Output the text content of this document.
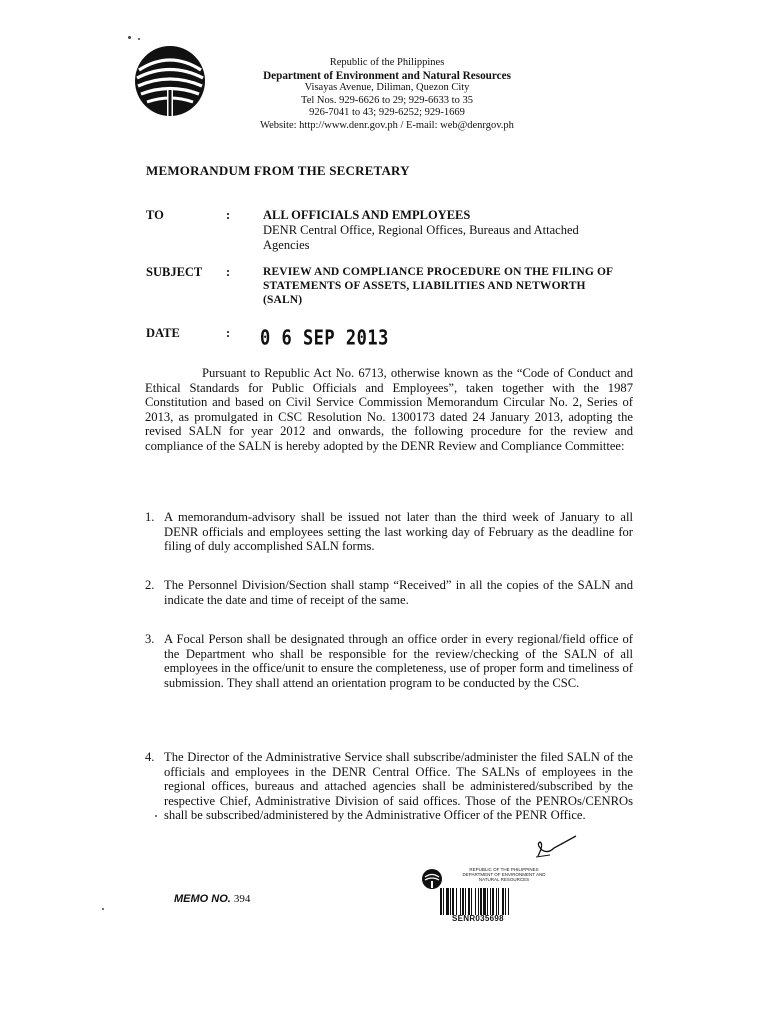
Republic of the Philippines
Department of Environment and Natural Resources
Visayas Avenue, Diliman, Quezon City
Tel Nos. 929-6626 to 29; 929-6633 to 35
926-7041 to 43; 929-6252; 929-1669
Website: http://www.denr.gov.ph / E-mail: web@denrgov.ph
MEMORANDUM FROM THE SECRETARY
TO	:	ALL OFFICIALS AND EMPLOYEES
DENR Central Office, Regional Offices, Bureaus and Attached Agencies
SUBJECT :	REVIEW AND COMPLIANCE PROCEDURE ON THE FILING OF STATEMENTS OF ASSETS, LIABILITIES AND NETWORTH (SALN)
DATE	: 0 6 SEP 2013
Pursuant to Republic Act No. 6713, otherwise known as the “Code of Conduct and Ethical Standards for Public Officials and Employees”, taken together with the 1987 Constitution and based on Civil Service Commission Memorandum Circular No. 2, Series of 2013, as promulgated in CSC Resolution No. 1300173 dated 24 January 2013, adopting the revised SALN for year 2012 and onwards, the following procedure for the review and compliance of the SALN is hereby adopted by the DENR Review and Compliance Committee:
1. A memorandum-advisory shall be issued not later than the third week of January to all DENR officials and employees setting the last working day of February as the deadline for filing of duly accomplished SALN forms.
2. The Personnel Division/Section shall stamp “Received” in all the copies of the SALN and indicate the date and time of receipt of the same.
3. A Focal Person shall be designated through an office order in every regional/field office of the Department who shall be responsible for the review/checking of the SALN of all employees in the office/unit to ensure the completeness, use of proper form and timeliness of submission. They shall attend an orientation program to be conducted by the CSC.
4. The Director of the Administrative Service shall subscribe/administer the filed SALN of the officials and employees in the DENR Central Office. The SALNs of employees in the regional offices, bureaus and attached agencies shall be administered/subscribed by the respective Chief, Administrative Division of said offices. Those of the PENROs/CENROs shall be subscribed/administered by the Administrative Officer of the PENR Office.
MEMO NO. 394
REPUBLIC OF THE PHILIPPINES DEPARTMENT OF ENVIRONMENT AND NATURAL RESOURCES
SENR035698
